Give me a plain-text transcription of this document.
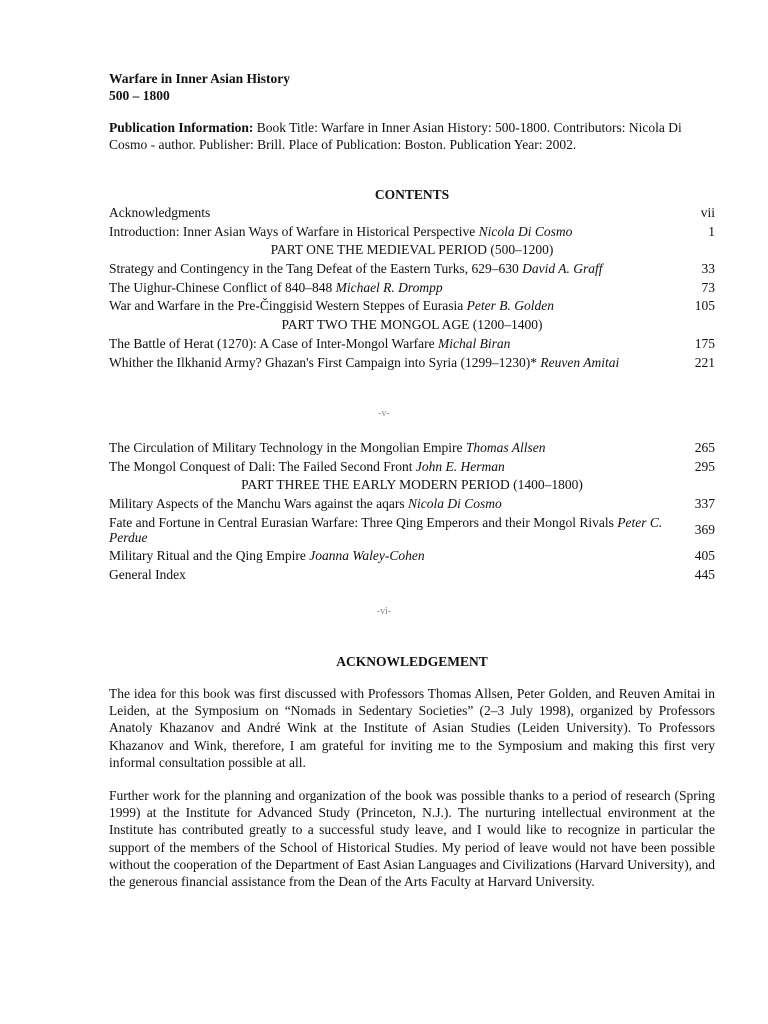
Warfare in Inner Asian History
500 – 1800
Publication Information: Book Title: Warfare in Inner Asian History: 500-1800. Contributors: Nicola Di Cosmo - author. Publisher: Brill. Place of Publication: Boston. Publication Year: 2002.
CONTENTS
Acknowledgments	vii
Introduction: Inner Asian Ways of Warfare in Historical Perspective Nicola Di Cosmo	1
PART ONE THE MEDIEVAL PERIOD (500–1200)
Strategy and Contingency in the Tang Defeat of the Eastern Turks, 629–630 David A. Graff	33
The Uighur-Chinese Conflict of 840–848 Michael R. Drompp	73
War and Warfare in the Pre-Činggisid Western Steppes of Eurasia Peter B. Golden	105
PART TWO THE MONGOL AGE (1200–1400)
The Battle of Herat (1270): A Case of Inter-Mongol Warfare Michal Biran	175
Whither the Ilkhanid Army? Ghazan's First Campaign into Syria (1299–1230)* Reuven Amitai	221
-v-
The Circulation of Military Technology in the Mongolian Empire Thomas Allsen	265
The Mongol Conquest of Dali: The Failed Second Front John E. Herman	295
PART THREE THE EARLY MODERN PERIOD (1400–1800)
Military Aspects of the Manchu Wars against the aqars Nicola Di Cosmo	337
Fate and Fortune in Central Eurasian Warfare: Three Qing Emperors and their Mongol Rivals Peter C. Perdue	369
Military Ritual and the Qing Empire Joanna Waley-Cohen	405
General Index	445
-vi-
ACKNOWLEDGEMENT

The idea for this book was first discussed with Professors Thomas Allsen, Peter Golden, and Reuven Amitai in Leiden, at the Symposium on “Nomads in Sedentary Societies” (2–3 July 1998), organized by Professors Anatoly Khazanov and André Wink at the Institute of Asian Studies (Leiden University). To Professors Khazanov and Wink, therefore, I am grateful for inviting me to the Symposium and making this first very informal consultation possible at all.

Further work for the planning and organization of the book was possible thanks to a period of research (Spring 1999) at the Institute for Advanced Study (Princeton, N.J.). The nurturing intellectual environment at the Institute has contributed greatly to a successful study leave, and I would like to recognize in particular the support of the members of the School of Historical Studies. My period of leave would not have been possible without the cooperation of the Department of East Asian Languages and Civilizations (Harvard University), and the generous financial assistance from the Dean of the Arts Faculty at Harvard University.
